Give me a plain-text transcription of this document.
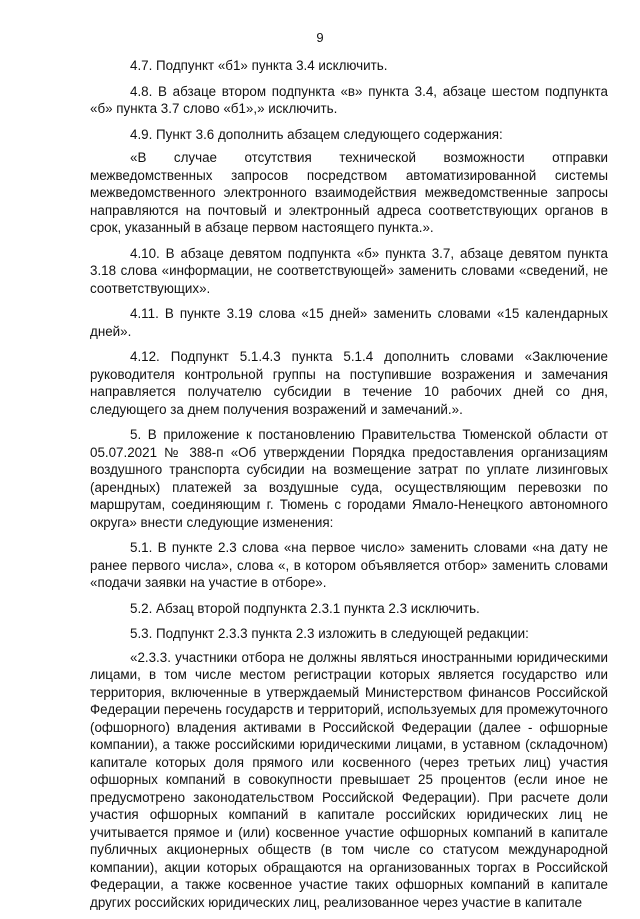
9

4.7. Подпункт «б1» пункта 3.4 исключить.

4.8. В абзаце втором подпункта «в» пункта 3.4, абзаце шестом подпункта «б» пункта 3.7 слово «б1»,» исключить.

4.9. Пункт 3.6 дополнить абзацем следующего содержания:

«В случае отсутствия технической возможности отправки межведомственных запросов посредством автоматизированной системы межведомственного электронного взаимодействия межведомственные запросы направляются на почтовый и электронный адреса соответствующих органов в срок, указанный в абзаце первом настоящего пункта.».

4.10. В абзаце девятом подпункта «б» пункта 3.7, абзаце девятом пункта 3.18 слова «информации, не соответствующей» заменить словами «сведений, не соответствующих».

4.11. В пункте 3.19 слова «15 дней» заменить словами «15 календарных дней».

4.12. Подпункт 5.1.4.3 пункта 5.1.4 дополнить словами «Заключение руководителя контрольной группы на поступившие возражения и замечания направляется получателю субсидии в течение 10 рабочих дней со дня, следующего за днем получения возражений и замечаний.».

5. В приложение к постановлению Правительства Тюменской области от 05.07.2021 № 388-п «Об утверждении Порядка предоставления организациям воздушного транспорта субсидии на возмещение затрат по уплате лизинговых (арендных) платежей за воздушные суда, осуществляющим перевозки по маршрутам, соединяющим г. Тюмень с городами Ямало-Ненецкого автономного округа» внести следующие изменения:

5.1. В пункте 2.3 слова «на первое число» заменить словами «на дату не ранее первого числа», слова «, в котором объявляется отбор» заменить словами «подачи заявки на участие в отборе».

5.2. Абзац второй подпункта 2.3.1 пункта 2.3 исключить.

5.3. Подпункт 2.3.3 пункта 2.3 изложить в следующей редакции:

«2.3.3. участники отбора не должны являться иностранными юридическими лицами, в том числе местом регистрации которых является государство или территория, включенные в утверждаемый Министерством финансов Российской Федерации перечень государств и территорий, используемых для промежуточного (офшорного) владения активами в Российской Федерации (далее - офшорные компании), а также российскими юридическими лицами, в уставном (складочном) капитале которых доля прямого или косвенного (через третьих лиц) участия офшорных компаний в совокупности превышает 25 процентов (если иное не предусмотрено законодательством Российской Федерации). При расчете доли участия офшорных компаний в капитале российских юридических лиц не учитывается прямое и (или) косвенное участие офшорных компаний в капитале публичных акционерных обществ (в том числе со статусом международной компании), акции которых обращаются на организованных торгах в Российской Федерации, а также косвенное участие таких офшорных компаний в капитале других российских юридических лиц, реализованное через участие в капитале
